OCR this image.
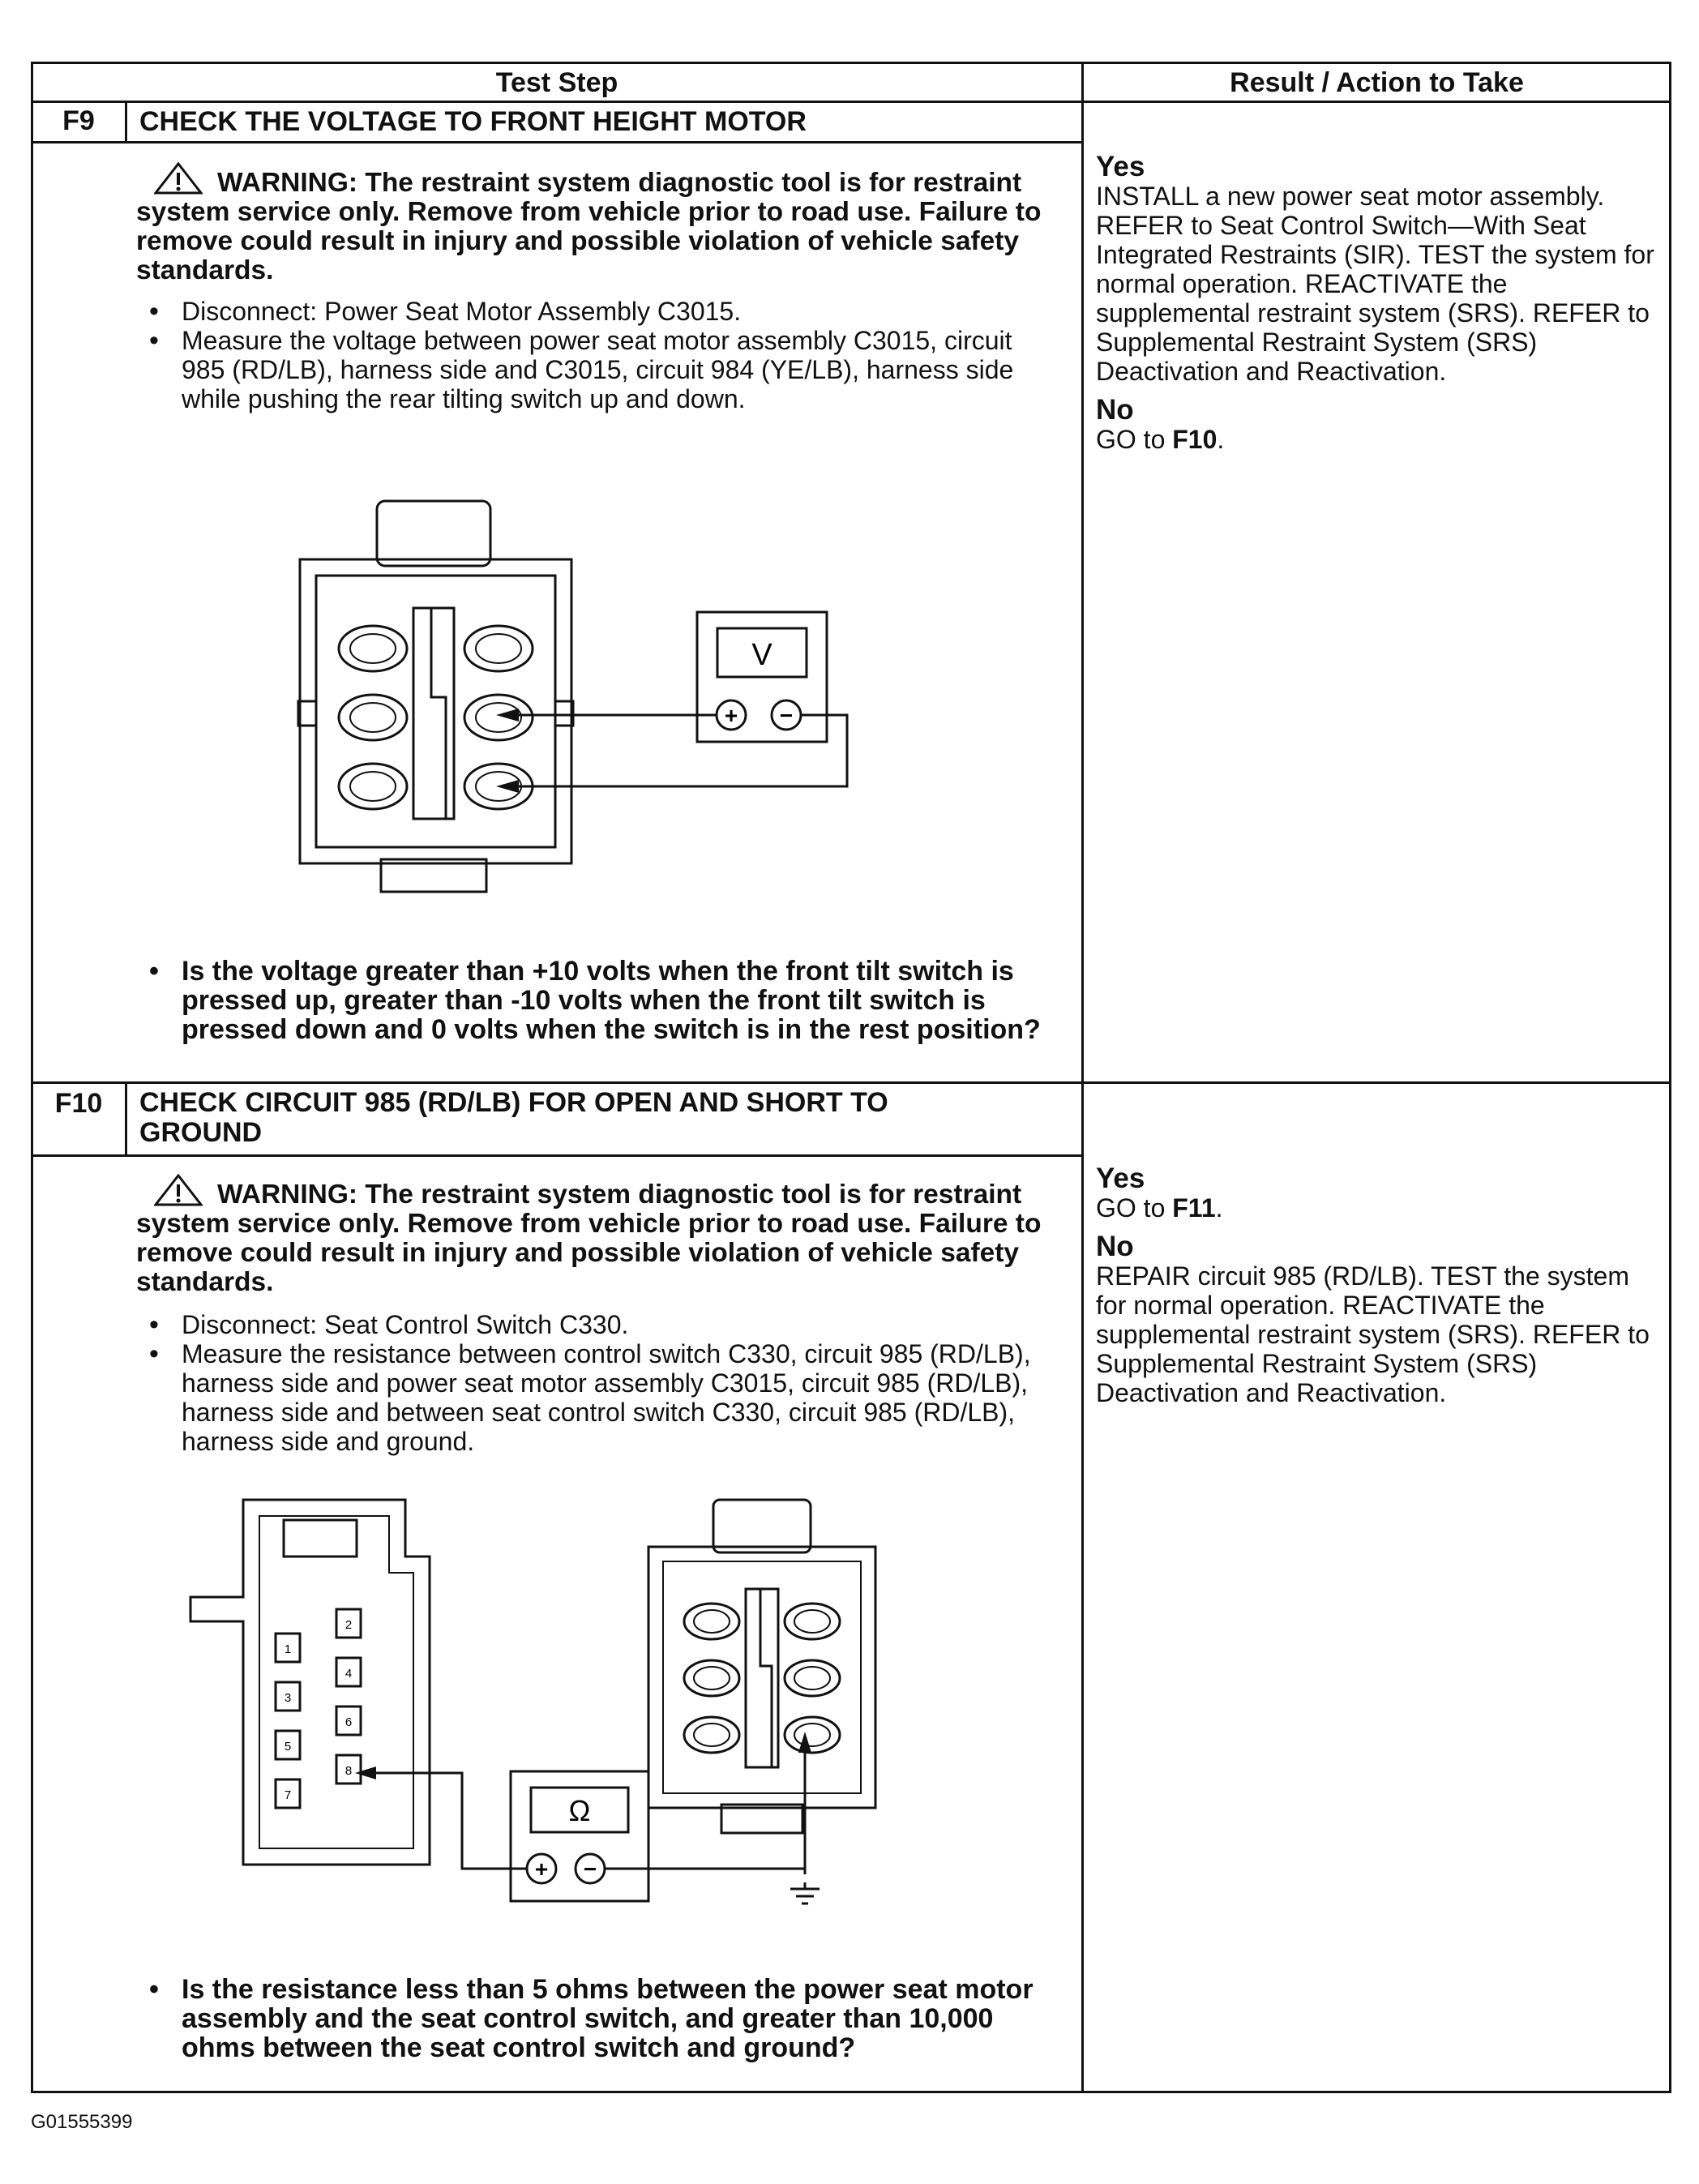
Test Step	Result / Action to Take
F9	CHECK THE VOLTAGE TO FRONT HEIGHT MOTOR
WARNING: The restraint system diagnostic tool is for restraint system service only. Remove from vehicle prior to road use. Failure to remove could result in injury and possible violation of vehicle safety standards.
• Disconnect: Power Seat Motor Assembly C3015.
• Measure the voltage between power seat motor assembly C3015, circuit 985 (RD/LB), harness side and C3015, circuit 984 (YE/LB), harness side while pushing the rear tilting switch up and down.
V
+ −
• Is the voltage greater than +10 volts when the front tilt switch is pressed up, greater than -10 volts when the front tilt switch is pressed down and 0 volts when the switch is in the rest position?

Yes
INSTALL a new power seat motor assembly. REFER to Seat Control Switch—With Seat Integrated Restraints (SIR). TEST the system for normal operation. REACTIVATE the supplemental restraint system (SRS). REFER to Supplemental Restraint System (SRS) Deactivation and Reactivation.

No
GO to F10.

F10	CHECK CIRCUIT 985 (RD/LB) FOR OPEN AND SHORT TO GROUND
WARNING: The restraint system diagnostic tool is for restraint system service only. Remove from vehicle prior to road use. Failure to remove could result in injury and possible violation of vehicle safety standards.
• Disconnect: Seat Control Switch C330.
• Measure the resistance between control switch C330, circuit 985 (RD/LB), harness side and power seat motor assembly C3015, circuit 985 (RD/LB), harness side and between seat control switch C330, circuit 985 (RD/LB), harness side and ground.
1
2
3
4
5
6
7
8
Ω
+ −
• Is the resistance less than 5 ohms between the power seat motor assembly and the seat control switch, and greater than 10,000 ohms between the seat control switch and ground?

Yes
GO to F11.

No
REPAIR circuit 985 (RD/LB). TEST the system for normal operation. REACTIVATE the supplemental restraint system (SRS). REFER to Supplemental Restraint System (SRS) Deactivation and Reactivation.

G01555399
